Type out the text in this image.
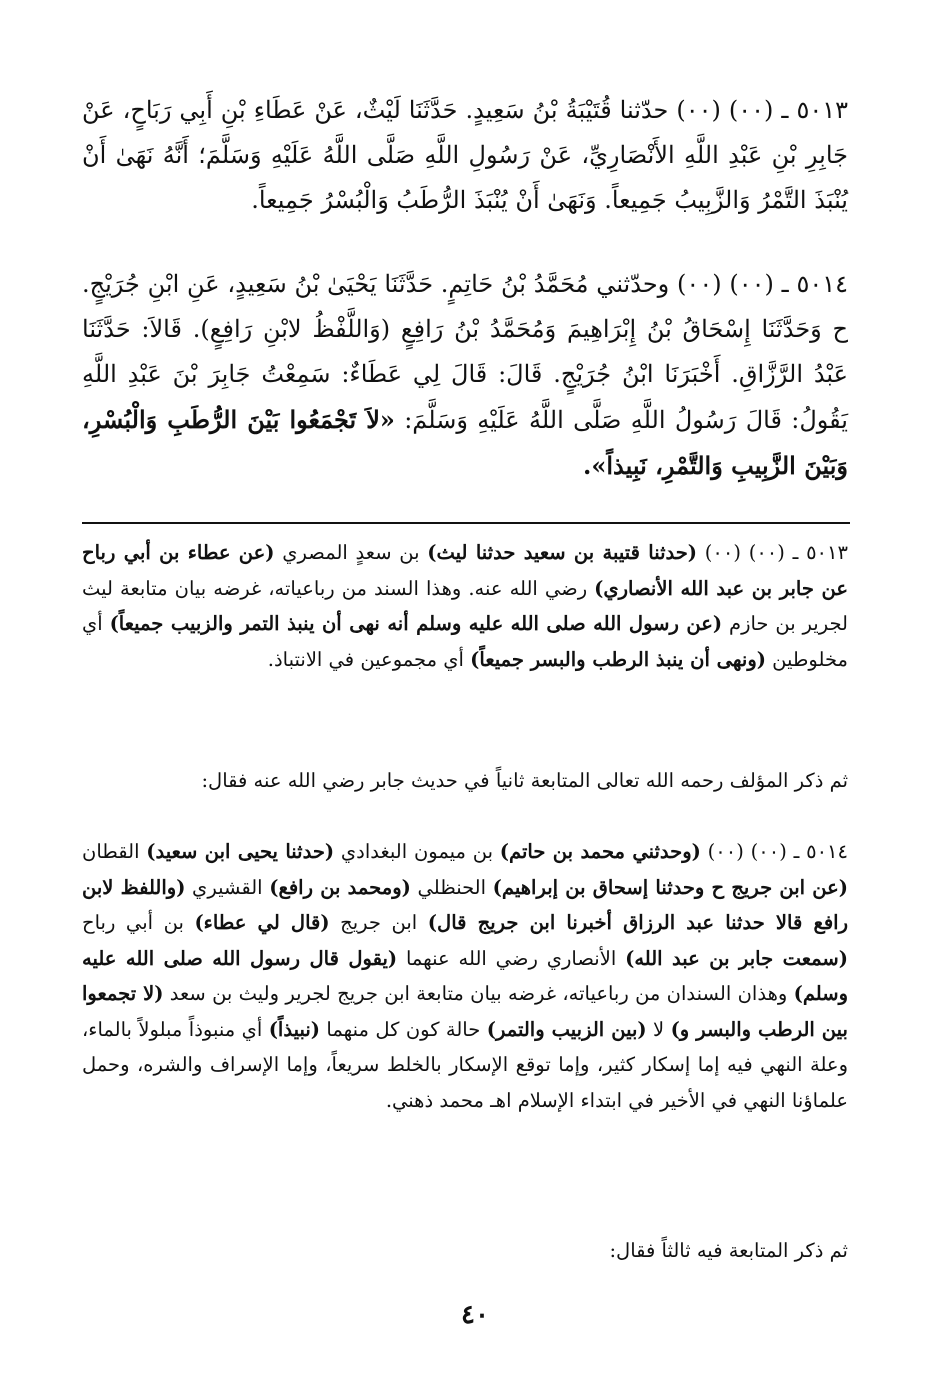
٥٠١٣ ـ (٠٠) (٠٠) حدّثنا قُتَيْبَةُ بْنُ سَعِيدٍ. حَدَّثَنَا لَيْثٌ، عَنْ عَطَاءِ بْنِ أَبِي رَبَاحٍ، عَنْ جَابِرِ بْنِ عَبْدِ اللَّهِ الأَنْصَارِيِّ، عَنْ رَسُولِ اللَّهِ صَلَّى اللَّهُ عَلَيْهِ وَسَلَّمَ؛ أَنَّهُ نَهَىٰ أَنْ يُنْبَذَ التَّمْرُ وَالزَّبِيبُ جَمِيعاً. وَنَهَىٰ أَنْ يُنْبَذَ الرُّطَبُ وَالْبُسْرُ جَمِيعاً.
٥٠١٤ ـ (٠٠) (٠٠) وحدّثني مُحَمَّدُ بْنُ حَاتِمٍ. حَدَّثَنَا يَحْيَىٰ بْنُ سَعِيدٍ، عَنِ ابْنِ جُرَيْجٍ. ح وَحَدَّثَنَا إِسْحَاقُ بْنُ إِبْرَاهِيمَ وَمُحَمَّدُ بْنُ رَافِعٍ (وَاللَّفْظُ لابْنِ رَافِعٍ). قَالاَ: حَدَّثَنَا عَبْدُ الرَّزَّاقِ. أَخْبَرَنَا ابْنُ جُرَيْجٍ. قَالَ: قَالَ لِي عَطَاءٌ: سَمِعْتُ جَابِرَ بْنَ عَبْدِ اللَّهِ يَقُولُ: قَالَ رَسُولُ اللَّهِ صَلَّى اللَّهُ عَلَيْهِ وَسَلَّمَ: «لاَ تَجْمَعُوا بَيْنَ الرُّطَبِ وَالْبُسْرِ، وَبَيْنَ الزَّبِيبِ وَالتَّمْرِ، نَبِيذاً».
٥٠١٣ ـ (٠٠) (٠٠) (حدثنا قتيبة بن سعيد حدثنا ليث) بن سعدٍ المصري (عن عطاء بن أبي رباح عن جابر بن عبد الله الأنصاري) رضي الله عنه. وهذا السند من رباعياته، غرضه بيان متابعة ليث لجرير بن حازم (عن رسول الله صلى الله عليه وسلم أنه نهى أن ينبذ التمر والزبيب جميعاً) أي مخلوطين (ونهى أن ينبذ الرطب والبسر جميعاً) أي مجموعين في الانتباذ.
ثم ذكر المؤلف رحمه الله تعالى المتابعة ثانياً في حديث جابر رضي الله عنه فقال:
٥٠١٤ ـ (٠٠) (٠٠) (وحدثني محمد بن حاتم) بن ميمون البغدادي (حدثنا يحيى ابن سعيد) القطان (عن ابن جريج ح وحدثنا إسحاق بن إبراهيم) الحنظلي (ومحمد بن رافع) القشيري (واللفظ لابن رافع قالا حدثنا عبد الرزاق أخبرنا ابن جريج قال) ابن جريج (قال لي عطاء) بن أبي رباح (سمعت جابر بن عبد الله) الأنصاري رضي الله عنهما (يقول قال رسول الله صلى الله عليه وسلم) وهذان السندان من رباعياته، غرضه بيان متابعة ابن جريج لجرير وليث بن سعد (لا تجمعوا بين الرطب والبسر و) لا (بين الزبيب والتمر) حالة كون كل منهما (نبيذاً) أي منبوذاً مبلولاً بالماء، وعلة النهي فيه إما إسكار كثير، وإما توقع الإسكار بالخلط سريعاً، وإما الإسراف والشره، وحمل علماؤنا النهي في الأخير في ابتداء الإسلام اهـ محمد ذهني.
ثم ذكر المتابعة فيه ثالثاً فقال:
٤٠
